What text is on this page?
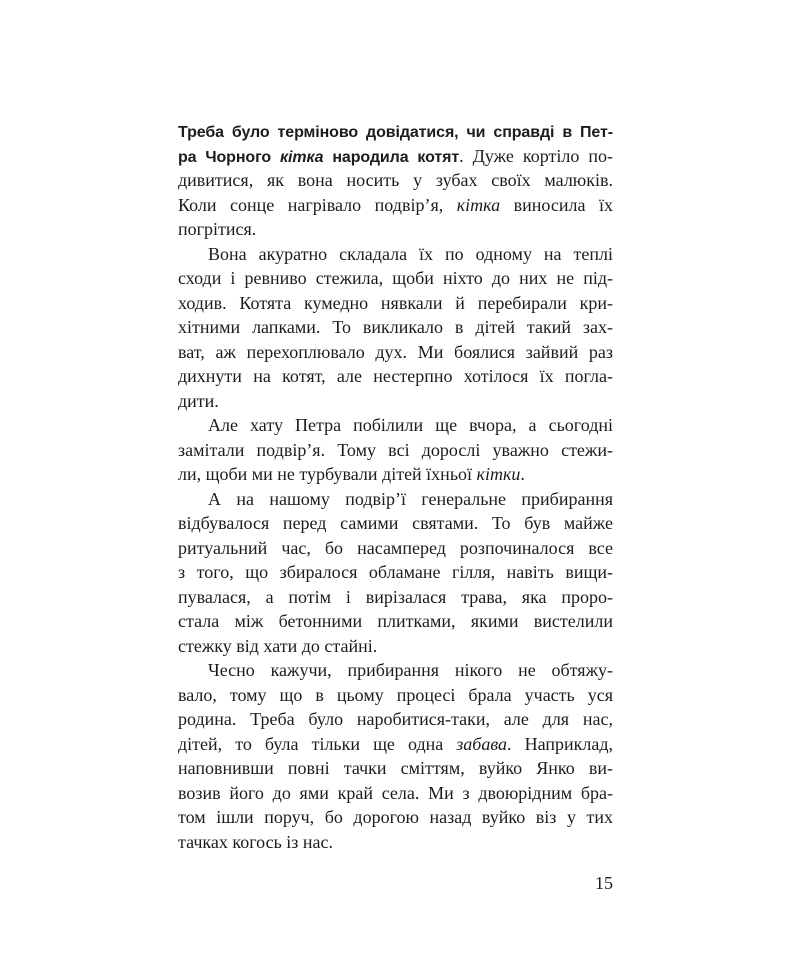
Треба було терміново довідатися, чи справді в Пет-
ра Чорного кітка народила котят. Дуже кортіло по-
дивитися, як вона носить у зубах своїх малюків.
Коли сонце нагрівало подвір’я, кітка виносила їх
погрітися.
Вона акуратно складала їх по одному на теплі
сходи і ревниво стежила, щоби ніхто до них не під-
ходив. Котята кумедно нявкали й перебирали кри-
хітними лапками. То викликало в дітей такий зах-
ват, аж перехоплювало дух. Ми боялися зайвий раз
дихнути на котят, але нестерпно хотілося їх погла-
дити.
Але хату Петра побілили ще вчора, а сьогодні
замітали подвір’я. Тому всі дорослі уважно стежи-
ли, щоби ми не турбували дітей їхньої кітки.
А на нашому подвір’ї генеральне прибирання
відбувалося перед самими святами. То був майже
ритуальний час, бо насамперед розпочиналося все
з того, що збиралося обламане гілля, навіть вищи-
пувалася, а потім і вирізалася трава, яка проро-
стала між бетонними плитками, якими вистелили
стежку від хати до стайні.
Чесно кажучи, прибирання нікого не обтяжу-
вало, тому що в цьому процесі брала участь уся
родина. Треба було наробитися-таки, але для нас,
дітей, то була тільки ще одна забава. Наприклад,
наповнивши повні тачки сміттям, вуйко Янко ви-
возив його до ями край села. Ми з двоюрідним бра-
том ішли поруч, бо дорогою назад вуйко віз у тих
тачках когось із нас.
15
